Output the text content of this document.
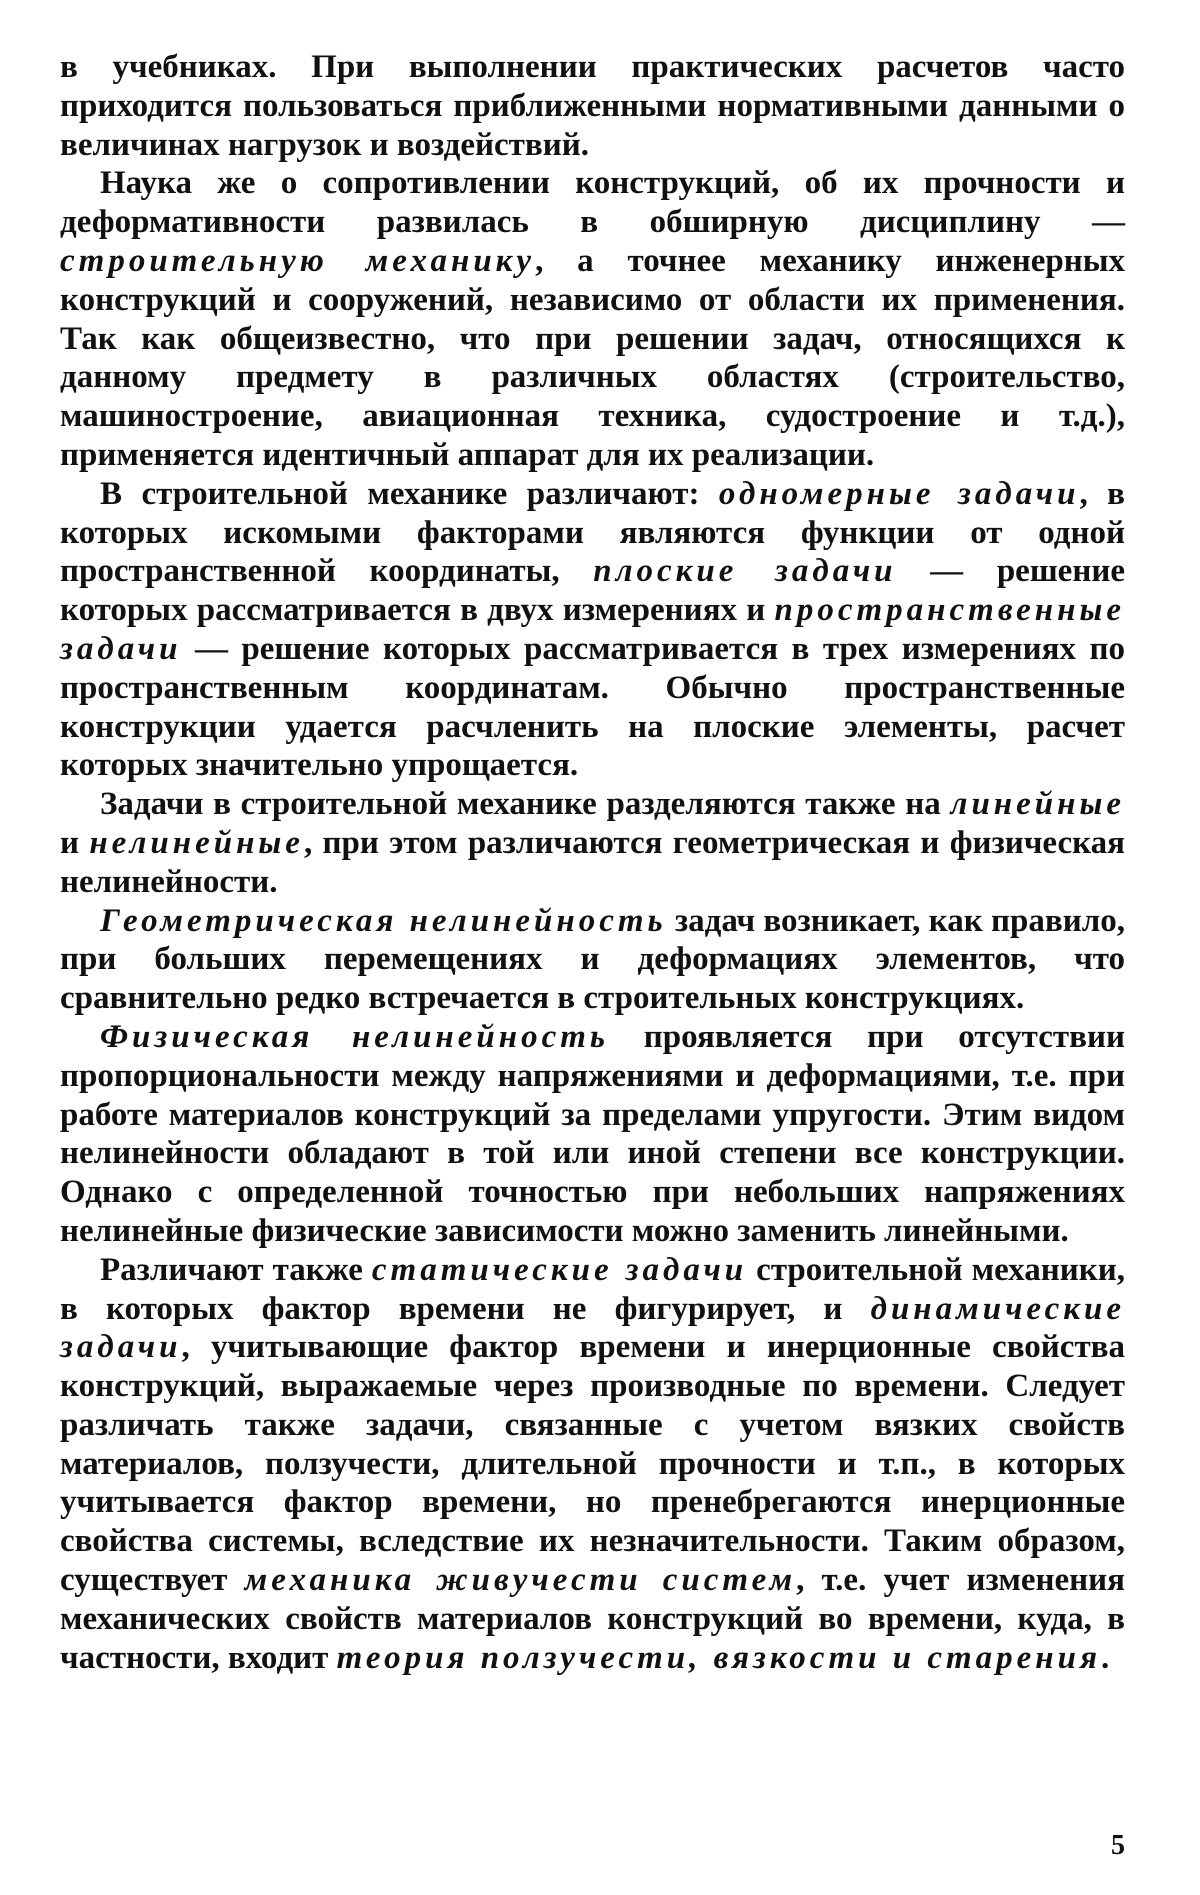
в учебниках. При выполнении практических расчетов часто приходится пользоваться приближенными нормативными данными о величинах нагрузок и воздействий.

Наука же о сопротивлении конструкций, об их прочности и деформативности развилась в обширную дисциплину — строительную механику, а точнее механику инженерных конструкций и сооружений, независимо от области их применения. Так как общеизвестно, что при решении задач, относящихся к данному предмету в различных областях (строительство, машиностроение, авиационная техника, судостроение и т.д.), применяется идентичный аппарат для их реализации.

В строительной механике различают: одномерные задачи, в которых искомыми факторами являются функции от одной пространственной координаты, плоские задачи — решение которых рассматривается в двух измерениях и пространственные задачи — решение которых рассматривается в трех измерениях по пространственным координатам. Обычно пространственные конструкции удается расчленить на плоские элементы, расчет которых значительно упрощается.

Задачи в строительной механике разделяются также на линейные и нелинейные, при этом различаются геометрическая и физическая нелинейности.

Геометрическая нелинейность задач возникает, как правило, при больших перемещениях и деформациях элементов, что сравнительно редко встречается в строительных конструкциях.

Физическая нелинейность проявляется при отсутствии пропорциональности между напряжениями и деформациями, т.е. при работе материалов конструкций за пределами упругости. Этим видом нелинейности обладают в той или иной степени все конструкции. Однако с определенной точностью при небольших напряжениях нелинейные физические зависимости можно заменить линейными.

Различают также статические задачи строительной механики, в которых фактор времени не фигурирует, и динамические задачи, учитывающие фактор времени и инерционные свойства конструкций, выражаемые через производные по времени. Следует различать также задачи, связанные с учетом вязких свойств материалов, ползучести, длительной прочности и т.п., в которых учитывается фактор времени, но пренебрегаются инерционные свойства системы, вследствие их незначительности. Таким образом, существует механика живучести систем, т.е. учет изменения механических свойств материалов конструкций во времени, куда, в частности, входит теория ползучести, вязкости и старения.

5
